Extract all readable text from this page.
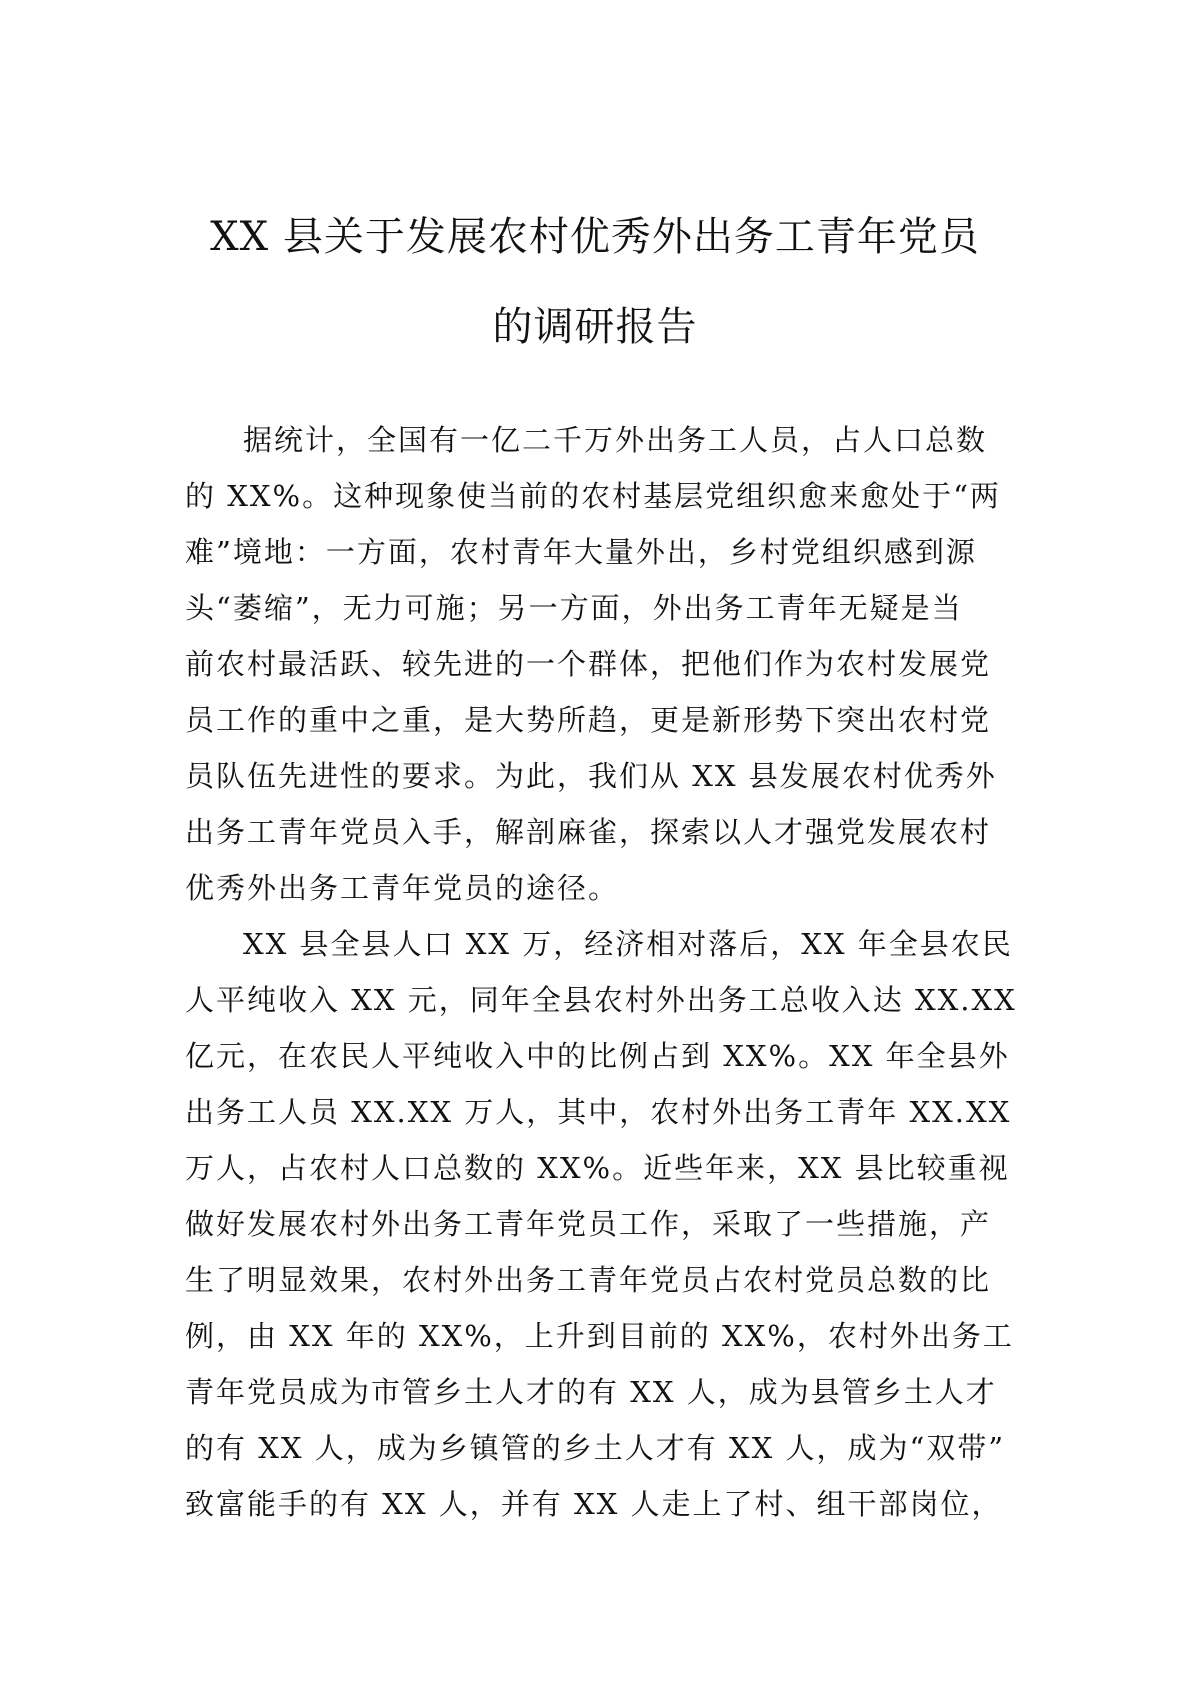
XX 县关于发展农村优秀外出务工青年党员
的调研报告

据统计，全国有一亿二千万外出务工人员，占人口总数
的 XX%。这种现象使当前的农村基层党组织愈来愈处于“两
难”境地：一方面，农村青年大量外出，乡村党组织感到源
头“萎缩”，无力可施；另一方面，外出务工青年无疑是当
前农村最活跃、较先进的一个群体，把他们作为农村发展党
员工作的重中之重，是大势所趋，更是新形势下突出农村党
员队伍先进性的要求。为此，我们从 XX 县发展农村优秀外
出务工青年党员入手，解剖麻雀，探索以人才强党发展农村
优秀外出务工青年党员的途径。

XX 县全县人口 XX 万，经济相对落后，XX 年全县农民
人平纯收入 XX 元，同年全县农村外出务工总收入达 XX.XX
亿元，在农民人平纯收入中的比例占到 XX%。XX 年全县外
出务工人员 XX.XX 万人，其中，农村外出务工青年 XX.XX
万人，占农村人口总数的 XX%。近些年来，XX 县比较重视
做好发展农村外出务工青年党员工作，采取了一些措施，产
生了明显效果，农村外出务工青年党员占农村党员总数的比
例，由 XX 年的 XX%，上升到目前的 XX%，农村外出务工
青年党员成为市管乡土人才的有 XX 人，成为县管乡土人才
的有 XX 人，成为乡镇管的乡土人才有 XX 人，成为“双带”
致富能手的有 XX 人，并有 XX 人走上了村、组干部岗位，
